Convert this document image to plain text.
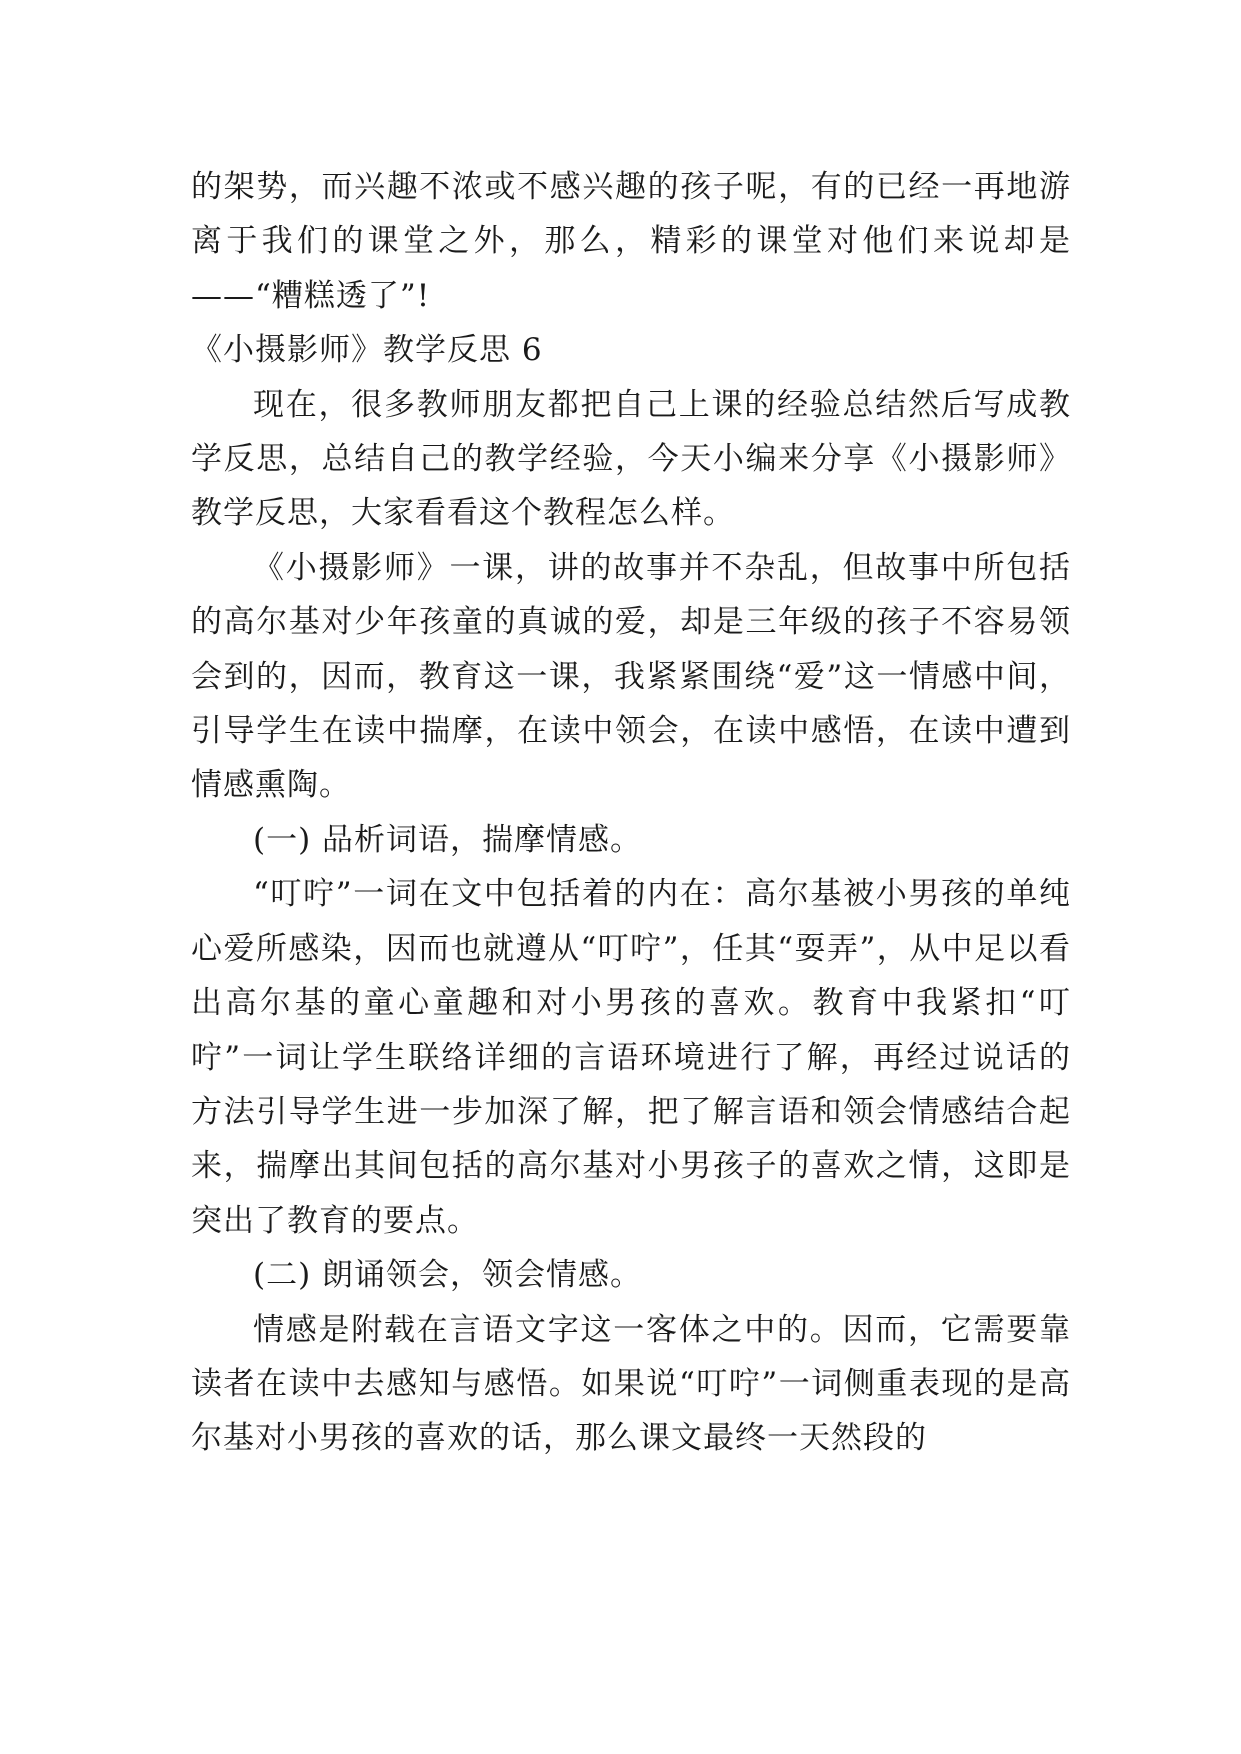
的架势，而兴趣不浓或不感兴趣的孩子呢，有的已经一再地游离于我们的课堂之外，那么，精彩的课堂对他们来说却是——“糟糕透了”!

《小摄影师》教学反思 6

现在，很多教师朋友都把自己上课的经验总结然后写成教学反思，总结自己的教学经验，今天小编来分享《小摄影师》教学反思，大家看看这个教程怎么样。

《小摄影师》一课，讲的故事并不杂乱，但故事中所包括的高尔基对少年孩童的真诚的爱，却是三年级的孩子不容易领会到的，因而，教育这一课，我紧紧围绕“爱”这一情感中间，引导学生在读中揣摩，在读中领会，在读中感悟，在读中遭到情感熏陶。

(一) 品析词语，揣摩情感。

“叮咛”一词在文中包括着的内在：高尔基被小男孩的单纯心爱所感染，因而也就遵从“叮咛”，任其“耍弄”，从中足以看出高尔基的童心童趣和对小男孩的喜欢。教育中我紧扣“叮咛”一词让学生联络详细的言语环境进行了解，再经过说话的方法引导学生进一步加深了解，把了解言语和领会情感结合起来，揣摩出其间包括的高尔基对小男孩子的喜欢之情，这即是突出了教育的要点。

(二) 朗诵领会，领会情感。

情感是附载在言语文字这一客体之中的。因而，它需要靠读者在读中去感知与感悟。如果说“叮咛”一词侧重表现的是高尔基对小男孩的喜欢的话，那么课文最终一天然段的
